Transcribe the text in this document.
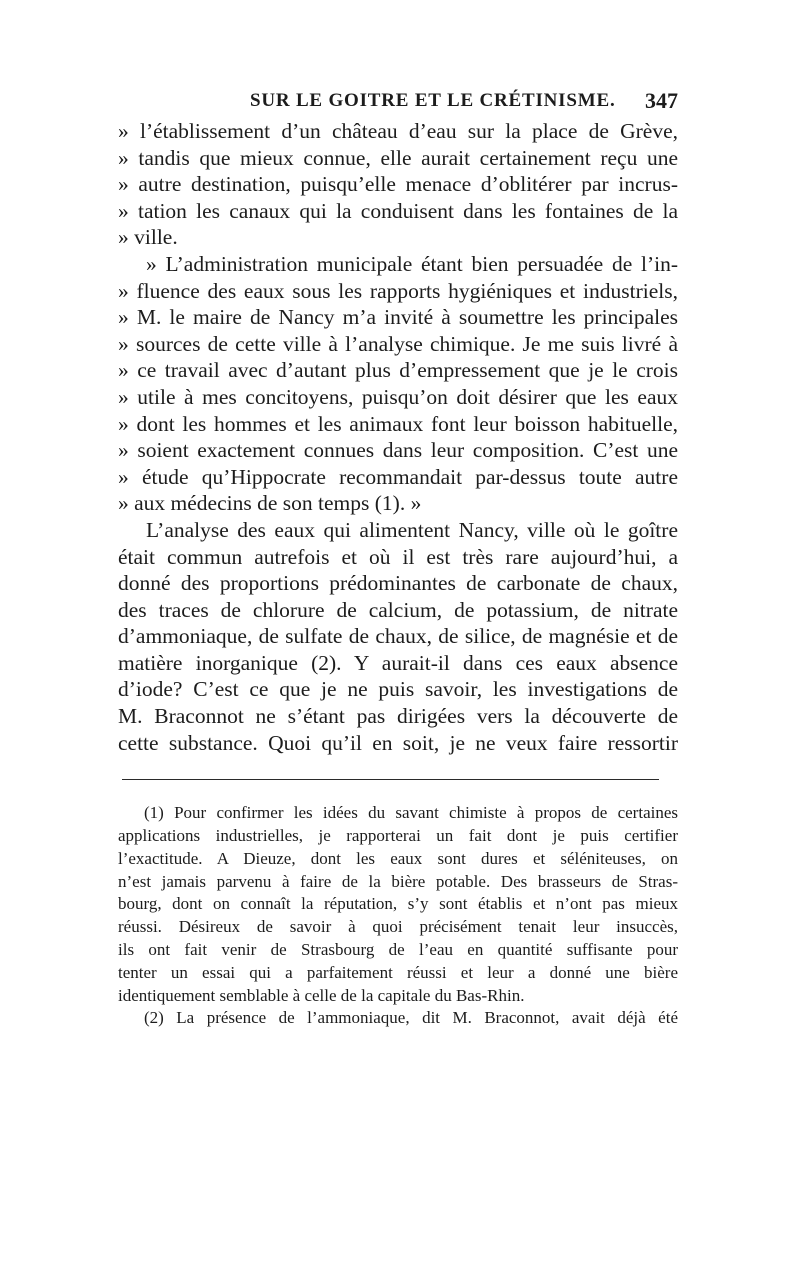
SUR LE GOITRE ET LE CRÉTINISME. 347
» l’établissement d’un château d’eau sur la place de Grève,
» tandis que mieux connue, elle aurait certainement reçu une
» autre destination, puisqu’elle menace d’oblitérer par incrus-
» tation les canaux qui la conduisent dans les fontaines de la
» ville.
» L’administration municipale étant bien persuadée de l’in-
» fluence des eaux sous les rapports hygiéniques et industriels,
» M. le maire de Nancy m’a invité à soumettre les principales
» sources de cette ville à l’analyse chimique. Je me suis livré à
» ce travail avec d’autant plus d’empressement que je le crois
» utile à mes concitoyens, puisqu’on doit désirer que les eaux
» dont les hommes et les animaux font leur boisson habituelle,
» soient exactement connues dans leur composition. C’est une
» étude qu’Hippocrate recommandait par-dessus toute autre
» aux médecins de son temps (1). »
L’analyse des eaux qui alimentent Nancy, ville où le goître
était commun autrefois et où il est très rare aujourd’hui, a
donné des proportions prédominantes de carbonate de chaux,
des traces de chlorure de calcium, de potassium, de nitrate
d’ammoniaque, de sulfate de chaux, de silice, de magnésie et de
matière inorganique (2). Y aurait-il dans ces eaux absence
d’iode? C’est ce que je ne puis savoir, les investigations de
M. Braconnot ne s’étant pas dirigées vers la découverte de
cette substance. Quoi qu’il en soit, je ne veux faire ressortir
(1) Pour confirmer les idées du savant chimiste à propos de certaines
applications industrielles, je rapporterai un fait dont je puis certifier
l’exactitude. A Dieuze, dont les eaux sont dures et séléniteuses, on
n’est jamais parvenu à faire de la bière potable. Des brasseurs de Stras-
bourg, dont on connaît la réputation, s’y sont établis et n’ont pas mieux
réussi. Désireux de savoir à quoi précisément tenait leur insuccès,
ils ont fait venir de Strasbourg de l’eau en quantité suffisante pour
tenter un essai qui a parfaitement réussi et leur a donné une bière
identiquement semblable à celle de la capitale du Bas-Rhin.
(2) La présence de l’ammoniaque, dit M. Braconnot, avait déjà été
